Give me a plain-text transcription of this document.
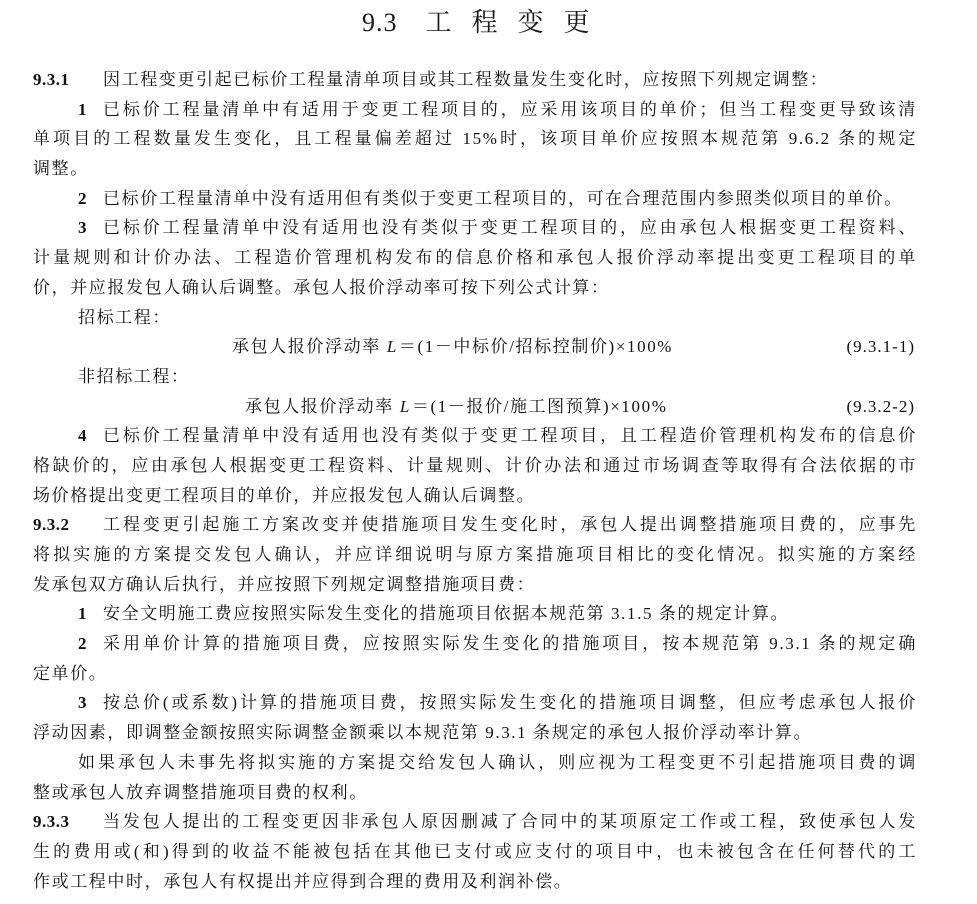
9.3 工程变更
9.3.1	因工程变更引起已标价工程量清单项目或其工程数量发生变化时，应按照下列规定调整：
1 已标价工程量清单中有适用于变更工程项目的，应采用该项目的单价；但当工程变更导致该清
单项目的工程数量发生变化，且工程量偏差超过 15%时，该项目单价应按照本规范第 9.6.2 条的规定
调整。
2 已标价工程量清单中没有适用但有类似于变更工程项目的，可在合理范围内参照类似项目的单价。
3 已标价工程量清单中没有适用也没有类似于变更工程项目的，应由承包人根据变更工程资料、
计量规则和计价办法、工程造价管理机构发布的信息价格和承包人报价浮动率提出变更工程项目的单
价，并应报发包人确认后调整。承包人报价浮动率可按下列公式计算：
招标工程：
承包人报价浮动率 L＝(1－中标价/招标控制价)×100%	(9.3.1-1)
非招标工程：
承包人报价浮动率 L＝(1－报价/施工图预算)×100%	(9.3.2-2)
4 已标价工程量清单中没有适用也没有类似于变更工程项目，且工程造价管理机构发布的信息价
格缺价的，应由承包人根据变更工程资料、计量规则、计价办法和通过市场调查等取得有合法依据的市
场价格提出变更工程项目的单价，并应报发包人确认后调整。
9.3.2	工程变更引起施工方案改变并使措施项目发生变化时，承包人提出调整措施项目费的，应事先
将拟实施的方案提交发包人确认，并应详细说明与原方案措施项目相比的变化情况。拟实施的方案经
发承包双方确认后执行，并应按照下列规定调整措施项目费：
1 安全文明施工费应按照实际发生变化的措施项目依据本规范第 3.1.5 条的规定计算。
2 采用单价计算的措施项目费，应按照实际发生变化的措施项目，按本规范第 9.3.1 条的规定确
定单价。
3 按总价(或系数)计算的措施项目费，按照实际发生变化的措施项目调整，但应考虑承包人报价
浮动因素，即调整金额按照实际调整金额乘以本规范第 9.3.1 条规定的承包人报价浮动率计算。
如果承包人未事先将拟实施的方案提交给发包人确认，则应视为工程变更不引起措施项目费的调
整或承包人放弃调整措施项目费的权利。
9.3.3	当发包人提出的工程变更因非承包人原因删减了合同中的某项原定工作或工程，致使承包人发
生的费用或(和)得到的收益不能被包括在其他已支付或应支付的项目中，也未被包含在任何替代的工
作或工程中时，承包人有权提出并应得到合理的费用及利润补偿。
